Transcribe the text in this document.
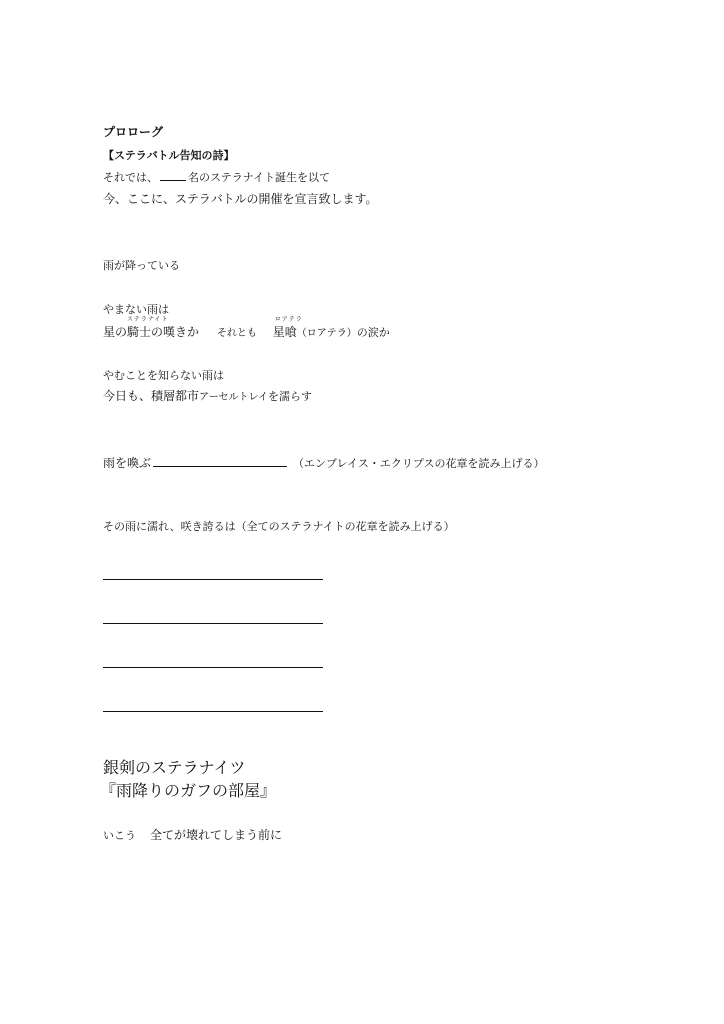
プロローグ
【ステラバトル告知の詩】
それでは、	名のステラナイト誕生を以て
今、ここに、ステラバトルの開催を宣言致します。
雨が降っている
やまない雨は
星の
ステラナイト
騎士の嘆きか それとも 星
ロアテラ
喰（ロアテラ）の涙か
やむことを知らない雨は
今日も、積層都市アーセルトレイを濡らす
雨を喚ぶ	（エンブレイス・エクリプスの花章を読み上げる）
その雨に濡れ、咲き誇るは（全てのステラナイトの花章を読み上げる）
銀剣のステラナイツ
『雨降りのガフの部屋』
いこう 全てが壊れてしまう前に
